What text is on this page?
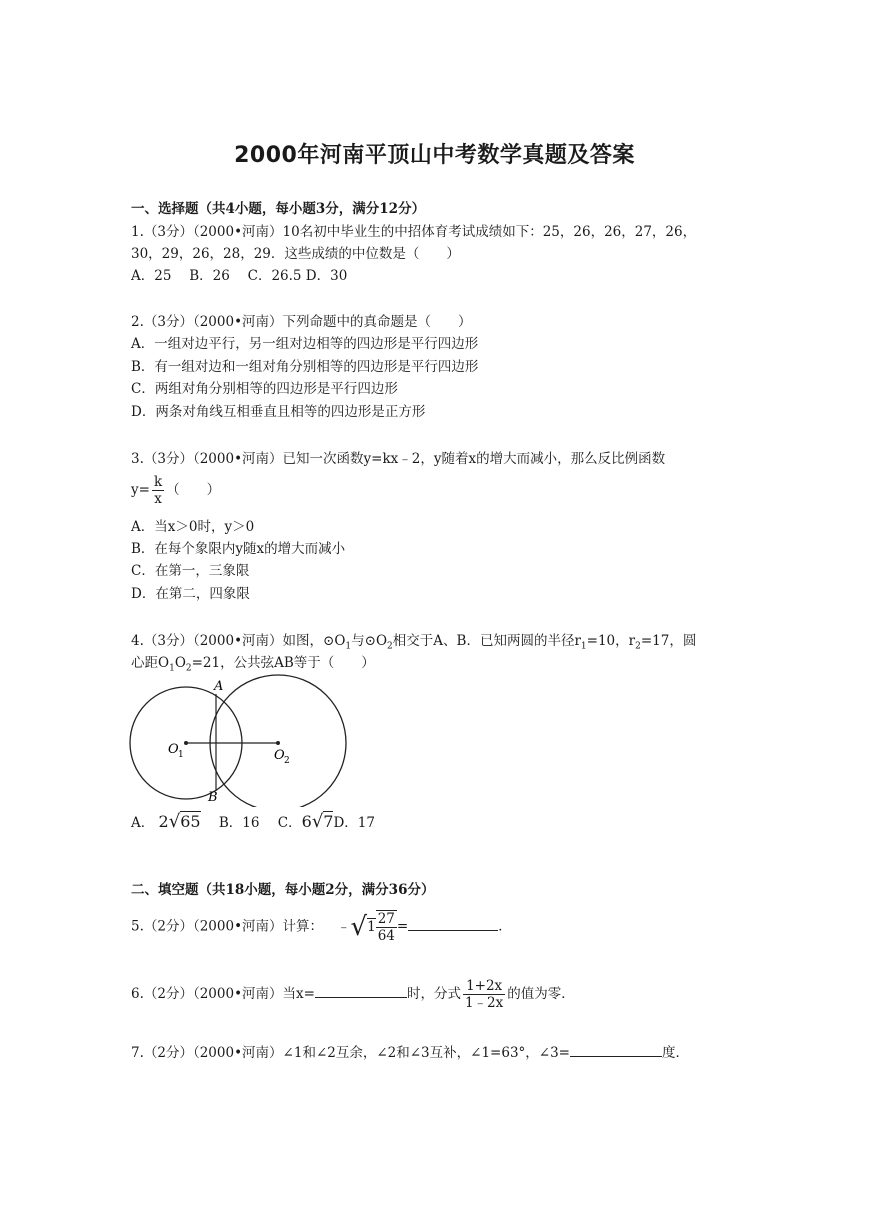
2000年河南平顶山中考数学真题及答案
一、选择题（共4小题，每小题3分，满分12分）
1.（3分）（2000•河南）10名初中毕业生的中招体育考试成绩如下：25，26，26，27，26，
30，29，26，28，29．这些成绩的中位数是（　　）
A．25　 B．26　 C．26.5 D．30
2.（3分）（2000•河南）下列命题中的真命题是（　　）
A．一组对边平行，另一组对边相等的四边形是平行四边形
B．有一组对边和一组对角分别相等的四边形是平行四边形
C．两组对角分别相等的四边形是平行四边形
D．两条对角线互相垂直且相等的四边形是正方形
3.（3分）（2000•河南）已知一次函数y=kx﹣2，y随着x的增大而减小，那么反比例函数
$y= \frac{k}{x}$ （　　）
A．当x＞0时，y＞0
B．在每个象限内y随x的增大而减小
C．在第一，三象限
D．在第二，四象限
4.（3分）（2000•河南）如图，$⊙O_1$与$⊙O_2$相交于A、B．已知两圆的半径$r_1=10$，$r_2=17$，圆
心距$O_1O_2=21$，公共弦AB等于（　　）
A
B
O 1	O 2
A． 2√65 B．16 C．6√7D．17
二、填空题（共18小题，每小题2分，满分36分）
5.（2分）（2000•河南）计算： ﹣√1 $\frac{27}{64}$ =	．
6.（2分）（2000•河南）当x=	时，分式 $\frac{1+2x}{1﹣2x}$ 的值为零．
7.（2分）（2000•河南）∠1和∠2互余，∠2和∠3互补，∠1=63°，∠3=	度．
